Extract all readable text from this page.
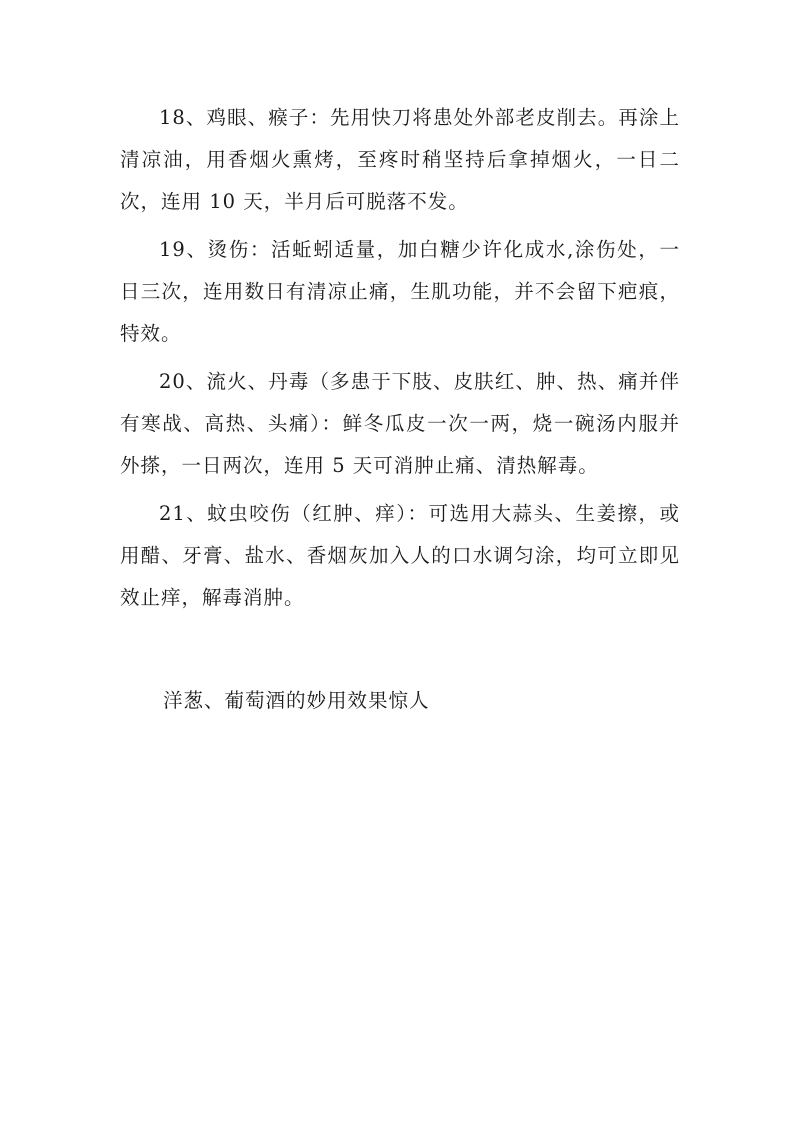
18、鸡眼、瘊子：先用快刀将患处外部老皮削去。再涂上清凉油，用香烟火熏烤，至疼时稍坚持后拿掉烟火，一日二次，连用 10 天，半月后可脱落不发。

19、烫伤：活蚯蚓适量，加白糖少许化成水,涂伤处，一日三次，连用数日有清凉止痛，生肌功能，并不会留下疤痕，特效。

20、流火、丹毒（多患于下肢、皮肤红、肿、热、痛并伴有寒战、高热、头痛）：鲜冬瓜皮一次一两，烧一碗汤内服并外搽，一日两次，连用 5 天可消肿止痛、清热解毒。

21、蚊虫咬伤（红肿、痒）：可选用大蒜头、生姜擦，或用醋、牙膏、盐水、香烟灰加入人的口水调匀涂，均可立即见效止痒，解毒消肿。

洋葱、葡萄酒的妙用效果惊人
